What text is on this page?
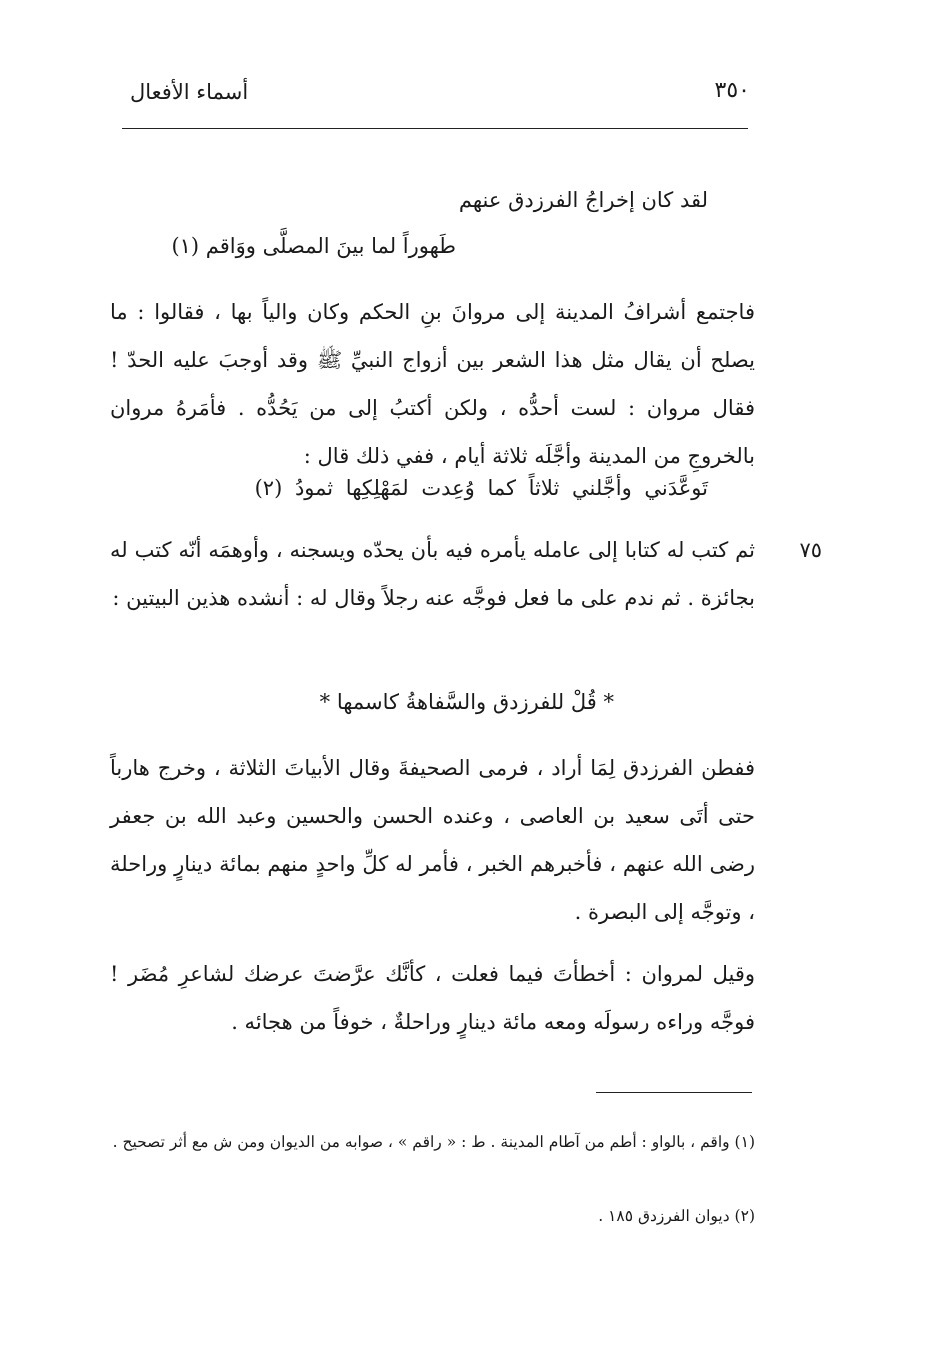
٣٥٠
أسماء الأفعال
لقد كان إخراجُ الفرزدق عنهم
طَهوراً لما بينَ المصلَّى ووَاقم (١)
فاجتمع أشرافُ المدينة إلى مروانَ بنِ الحكم وكان والياً بها ، فقالوا : ما يصلح أن يقال مثل هذا الشعر بين أزواج النبيِّ ﷺ وقد أوجبَ عليه الحدّ ! فقال مروان : لست أحدُّه ، ولكن أكتبُ إلى من يَحُدُّه . فأمَرهُ مروان بالخروجِ من المدينة وأجَّلَه ثلاثة أيام ، ففي ذلك قال :
تَوعَّدَني وأجَّلني ثلاثاً كما وُعِدت لمَهْلِكِها ثمودُ (٢)
٧٥
ثم كتب له كتابا إلى عامله يأمره فيه بأن يحدّه ويسجنه ، وأوهمَه أنّه كتب له بجائزة . ثم ندم على ما فعل فوجَّه عنه رجلاً وقال له : أنشده هذين البيتين :
* قُلْ للفرزدق والسَّفاهةُ كاسمها *
ففطن الفرزدق لِمَا أراد ، فرمى الصحيفةَ وقال الأبياتَ الثلاثة ، وخرج هارباً حتى أتَى سعيد بن العاصى ، وعنده الحسن والحسين وعبد الله بن جعفر رضى الله عنهم ، فأخبرهم الخبر ، فأمر له كلِّ واحدٍ منهم بمائة دينارٍ وراحلة ، وتوجَّه إلى البصرة .
وقيل لمروان : أخطأتَ فيما فعلت ، كأنَّك عرَّضتَ عرضك لشاعرِ مُضَر ! فوجَّه وراءه رسولَه ومعه مائة دينارٍ وراحلةٌ ، خوفاً من هجائه .
(١) واقم ، بالواو : أطم من آطام المدينة . ط : « راقم » ، صوابه من الديوان ومن ش مع أثر تصحيح .
(٢) ديوان الفرزدق ١٨٥ .
